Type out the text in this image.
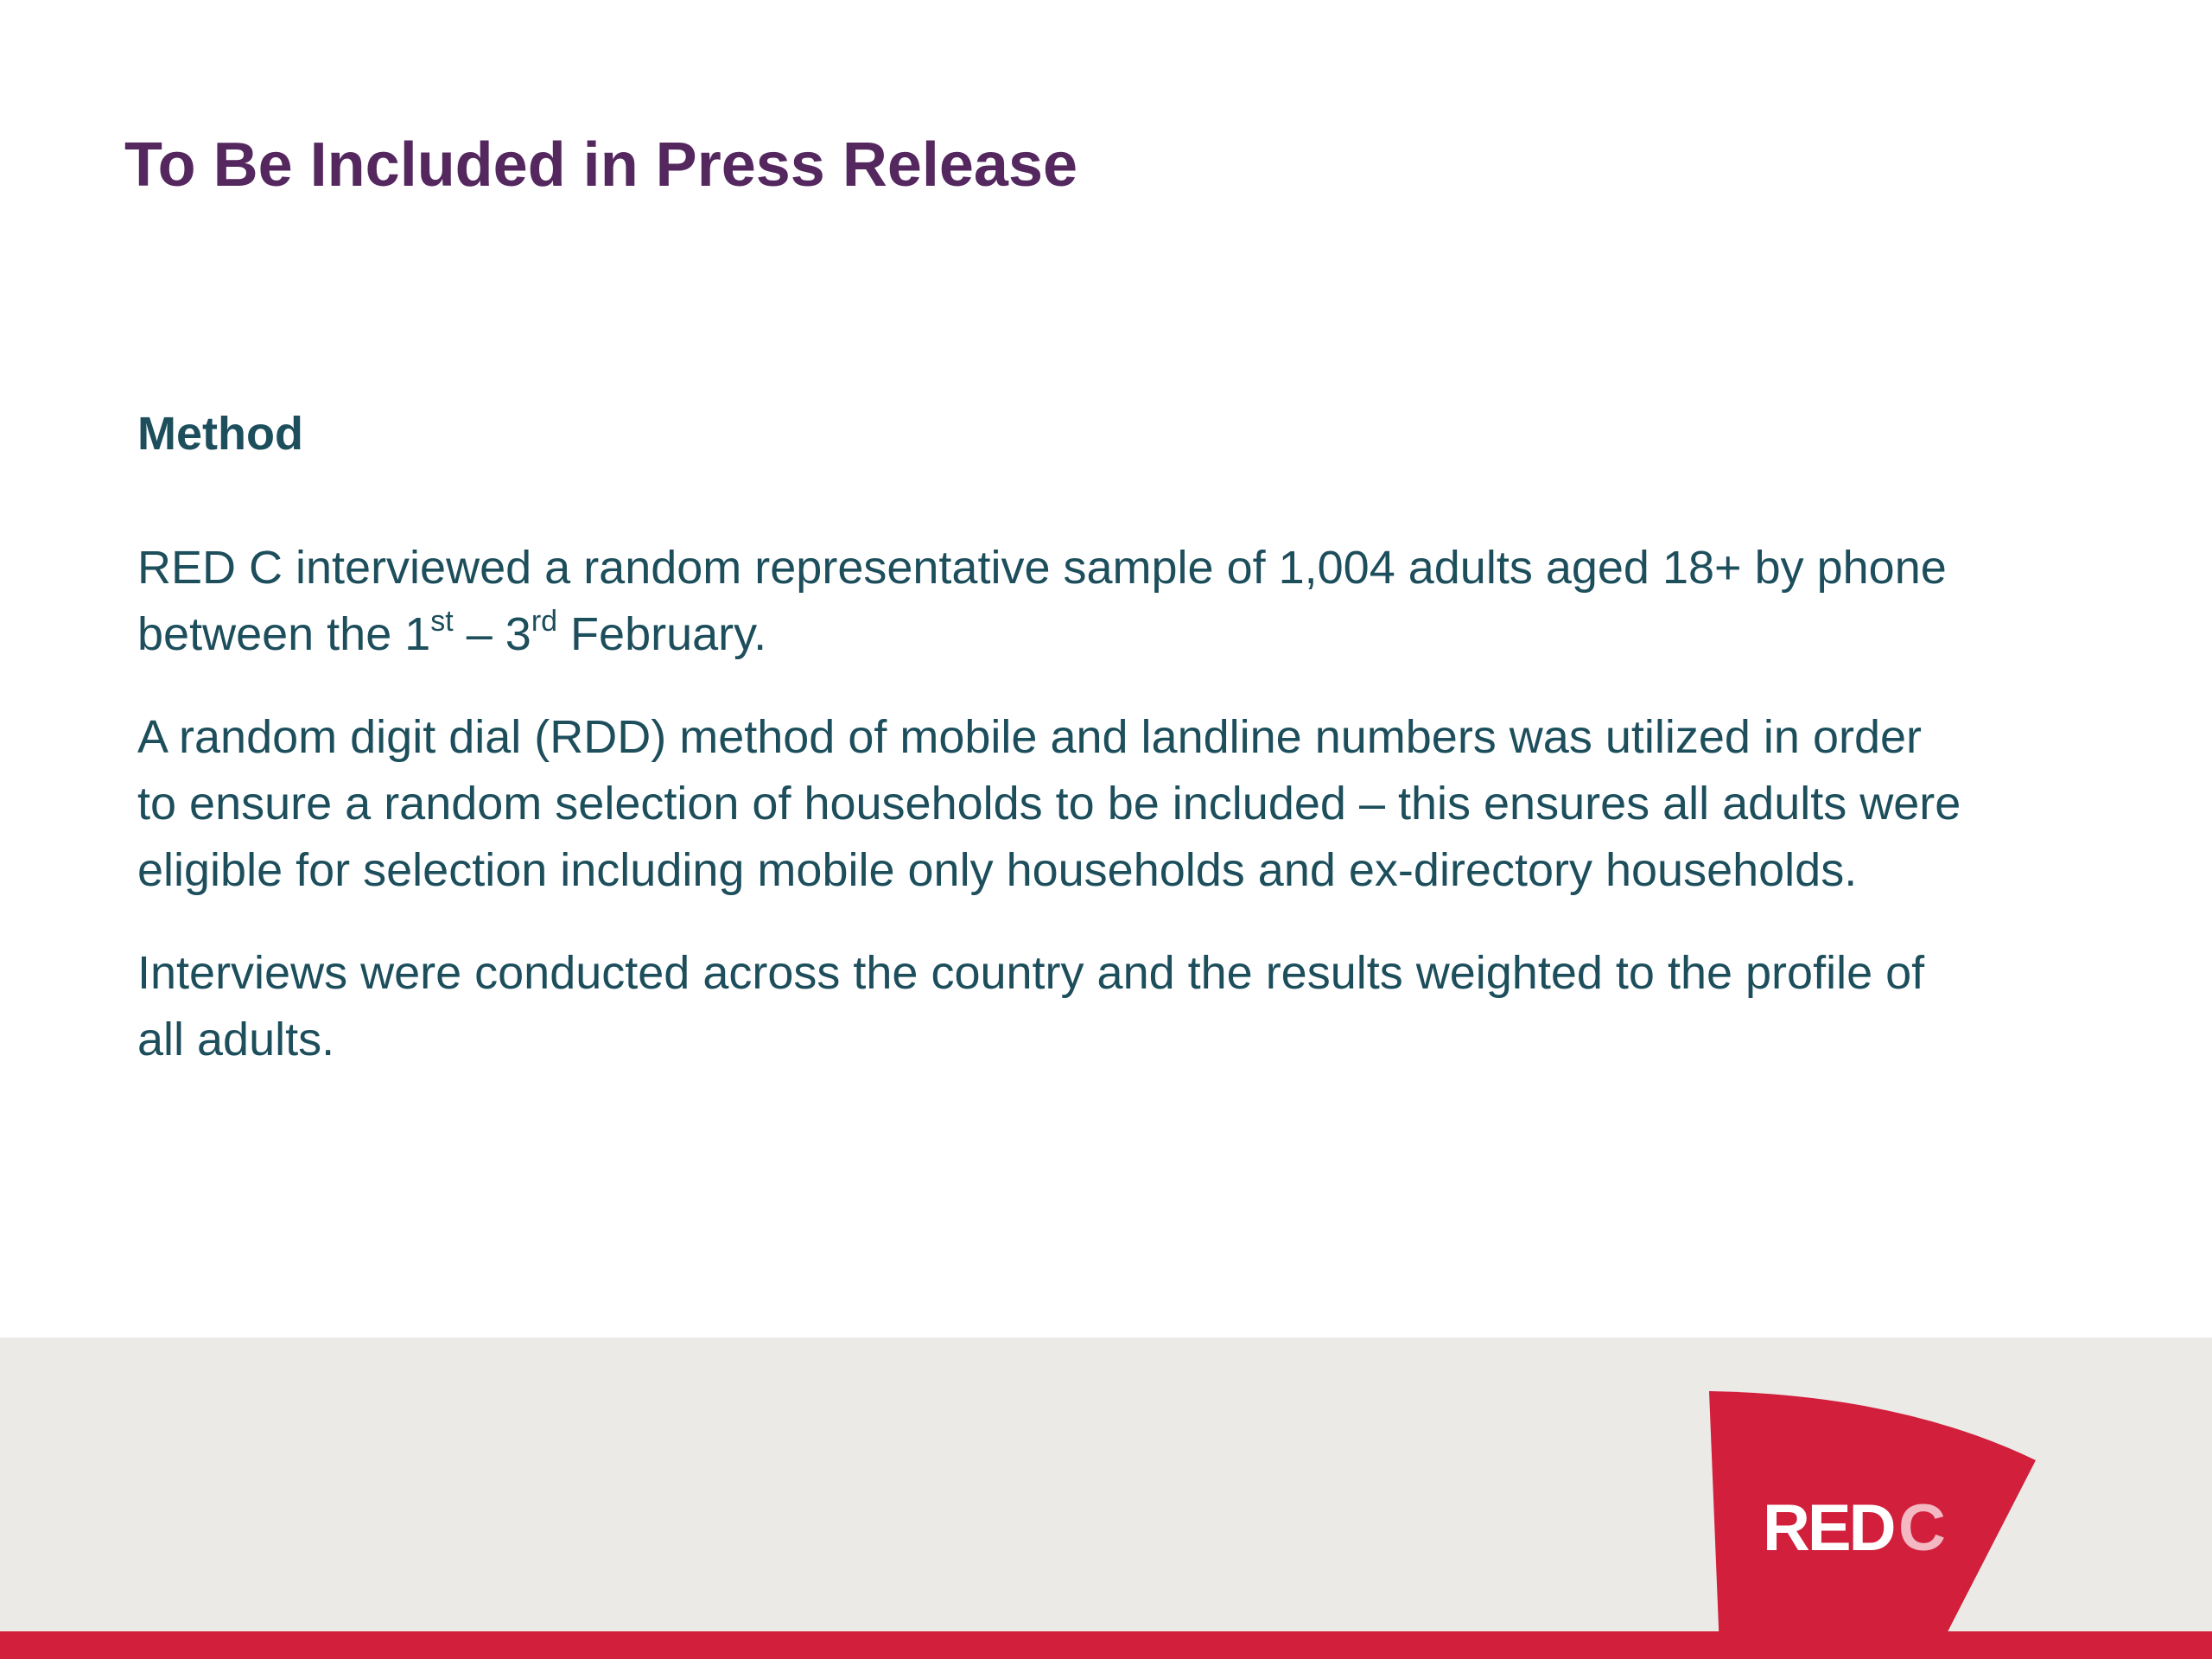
To Be Included in Press Release
Method

RED C interviewed a random representative sample of 1,004 adults aged 18+ by phone between the 1st – 3rd February.

A random digit dial (RDD) method of mobile and landline numbers was utilized in order to ensure a random selection of households to be included – this ensures all adults were eligible for selection including mobile only households and ex-directory households.

Interviews were conducted across the country and the results weighted to the profile of all adults.

RED C
